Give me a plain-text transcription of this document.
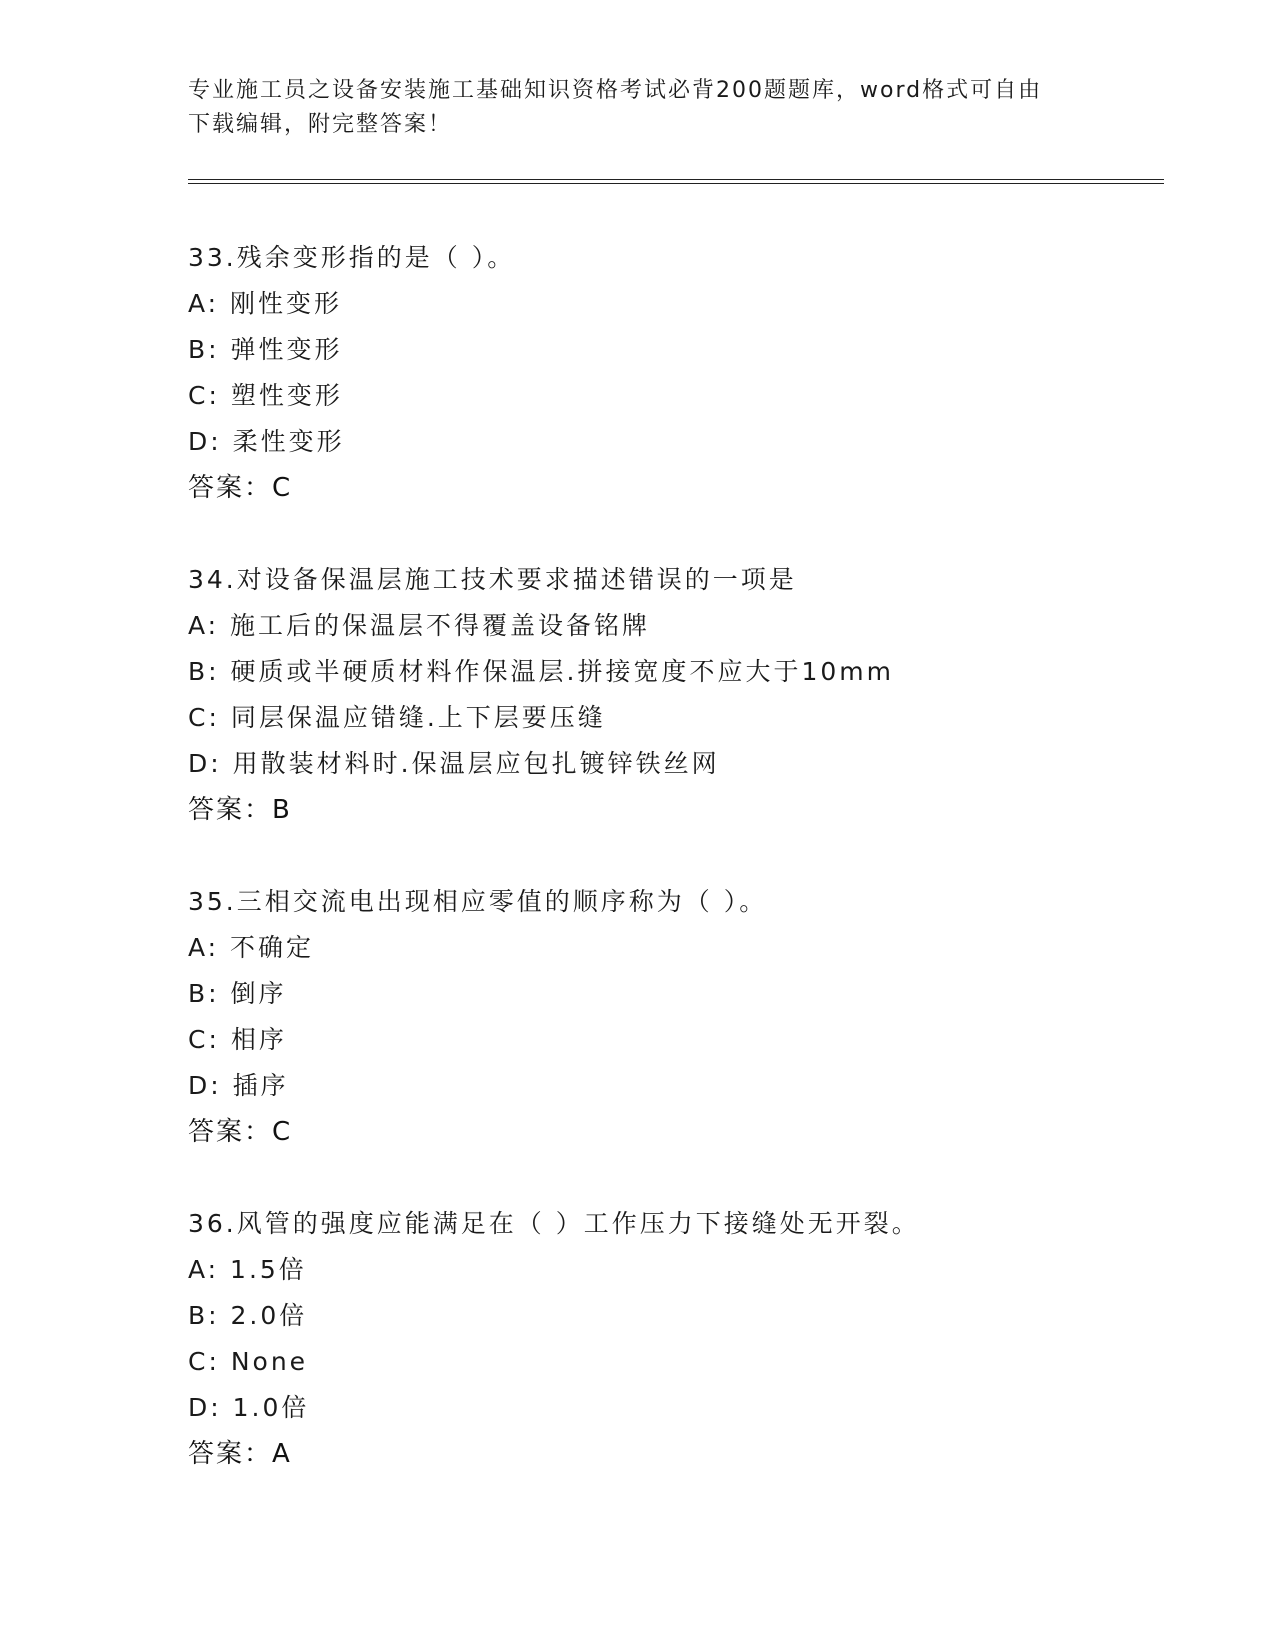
专业施工员之设备安装施工基础知识资格考试必背200题题库，word格式可自由
下载编辑，附完整答案！
33.残余变形指的是（ ）。
A: 刚性变形
B: 弹性变形
C: 塑性变形
D: 柔性变形
答案：C
34.对设备保温层施工技术要求描述错误的一项是
A: 施工后的保温层不得覆盖设备铭牌
B: 硬质或半硬质材料作保温层.拼接宽度不应大于10mm
C: 同层保温应错缝.上下层要压缝
D: 用散装材料时.保温层应包扎镀锌铁丝网
答案：B
35.三相交流电出现相应零值的顺序称为（ ）。
A: 不确定
B: 倒序
C: 相序
D: 插序
答案：C
36.风管的强度应能满足在（ ）工作压力下接缝处无开裂。
A: 1.5倍
B: 2.0倍
C: None
D: 1.0倍
答案：A
